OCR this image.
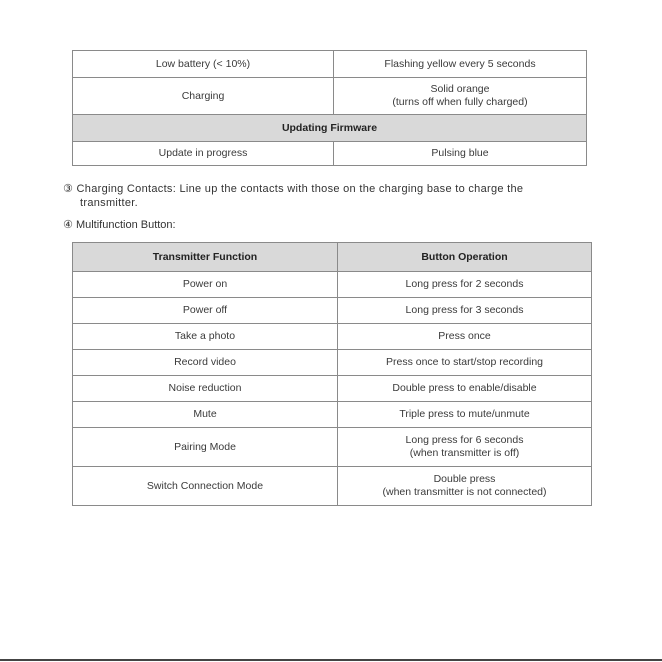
Low battery (< 10%)	Flashing yellow every 5 seconds
Charging	Solid orange
(turns off when fully charged)

Updating Firmware	
Update in progress	Pulsing blue
③ Charging Contacts: Line up the contacts with those on the charging base to charge the
transmitter.
④ Multifunction Button:
Transmitter Function	Button Operation
Power on	Long press for 2 seconds
Power off	Long press for 3 seconds
Take a photo	Press once
Record video	Press once to start/stop recording
Noise reduction	Double press to enable/disable
Mute	Triple press to mute/unmute
Pairing Mode	Long press for 6 seconds
(when transmitter is off)

Switch Connection Mode	Double press
(when transmitter is not connected)
